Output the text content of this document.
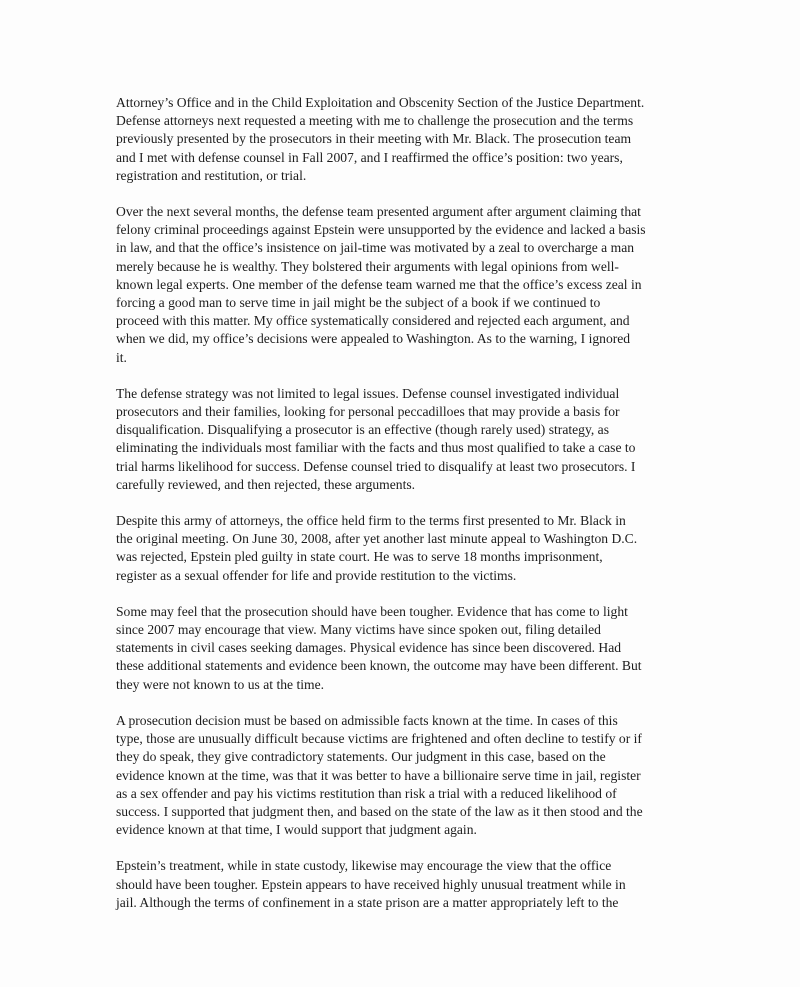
Attorney’s Office and in the Child Exploitation and Obscenity Section of the Justice Department.
Defense attorneys next requested a meeting with me to challenge the prosecution and the terms
previously presented by the prosecutors in their meeting with Mr. Black. The prosecution team
and I met with defense counsel in Fall 2007, and I reaffirmed the office’s position: two years,
registration and restitution, or trial.

Over the next several months, the defense team presented argument after argument claiming that
felony criminal proceedings against Epstein were unsupported by the evidence and lacked a basis
in law, and that the office’s insistence on jail-time was motivated by a zeal to overcharge a man
merely because he is wealthy. They bolstered their arguments with legal opinions from well-
known legal experts. One member of the defense team warned me that the office’s excess zeal in
forcing a good man to serve time in jail might be the subject of a book if we continued to
proceed with this matter. My office systematically considered and rejected each argument, and
when we did, my office’s decisions were appealed to Washington. As to the warning, I ignored
it.

The defense strategy was not limited to legal issues. Defense counsel investigated individual
prosecutors and their families, looking for personal peccadilloes that may provide a basis for
disqualification. Disqualifying a prosecutor is an effective (though rarely used) strategy, as
eliminating the individuals most familiar with the facts and thus most qualified to take a case to
trial harms likelihood for success. Defense counsel tried to disqualify at least two prosecutors. I
carefully reviewed, and then rejected, these arguments.

Despite this army of attorneys, the office held firm to the terms first presented to Mr. Black in
the original meeting. On June 30, 2008, after yet another last minute appeal to Washington D.C.
was rejected, Epstein pled guilty in state court. He was to serve 18 months imprisonment,
register as a sexual offender for life and provide restitution to the victims.

Some may feel that the prosecution should have been tougher. Evidence that has come to light
since 2007 may encourage that view. Many victims have since spoken out, filing detailed
statements in civil cases seeking damages. Physical evidence has since been discovered. Had
these additional statements and evidence been known, the outcome may have been different. But
they were not known to us at the time.

A prosecution decision must be based on admissible facts known at the time. In cases of this
type, those are unusually difficult because victims are frightened and often decline to testify or if
they do speak, they give contradictory statements. Our judgment in this case, based on the
evidence known at the time, was that it was better to have a billionaire serve time in jail, register
as a sex offender and pay his victims restitution than risk a trial with a reduced likelihood of
success. I supported that judgment then, and based on the state of the law as it then stood and the
evidence known at that time, I would support that judgment again.

Epstein’s treatment, while in state custody, likewise may encourage the view that the office
should have been tougher. Epstein appears to have received highly unusual treatment while in
jail. Although the terms of confinement in a state prison are a matter appropriately left to the
